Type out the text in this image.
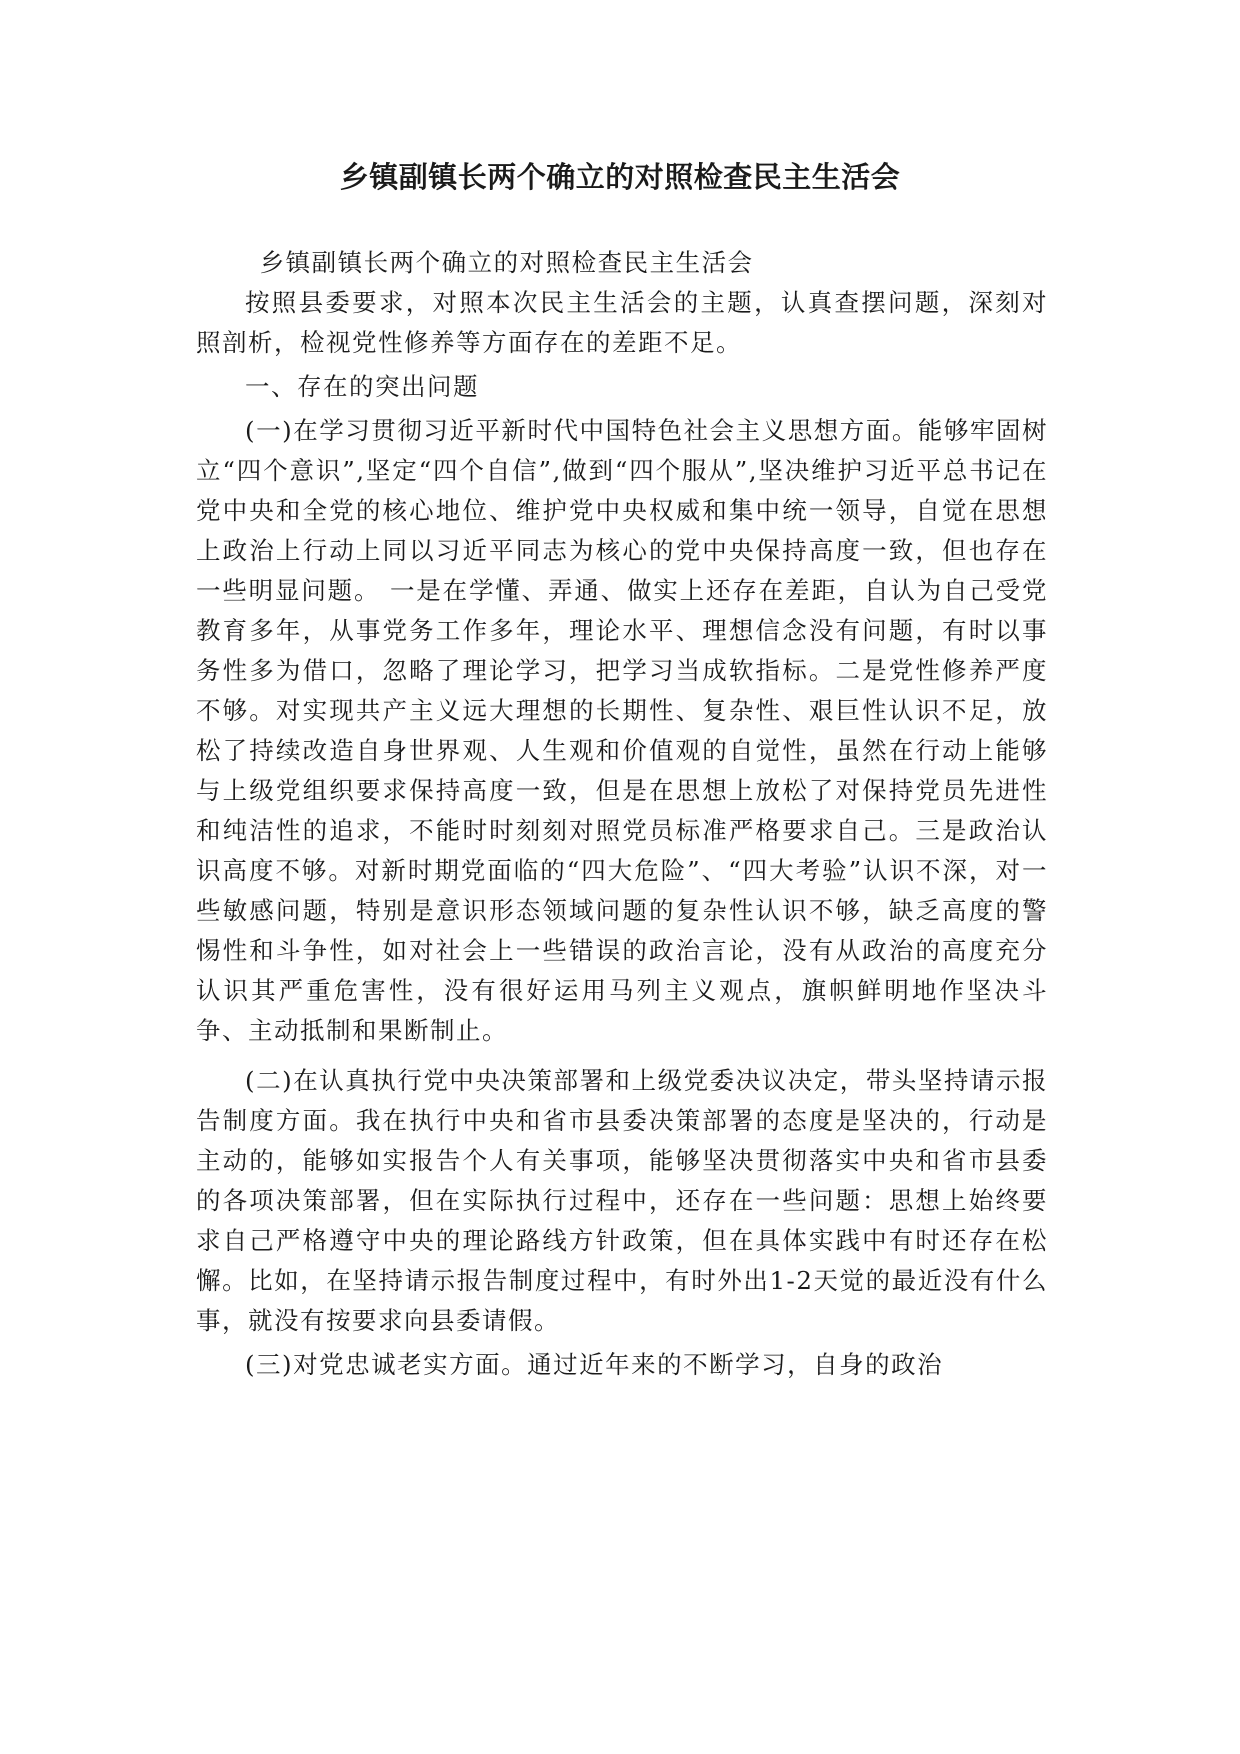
乡镇副镇长两个确立的对照检查民主生活会

乡镇副镇长两个确立的对照检查民主生活会

按照县委要求，对照本次民主生活会的主题，认真查摆问题，深刻对照剖析，检视党性修养等方面存在的差距不足。

一、存在的突出问题

(一)在学习贯彻习近平新时代中国特色社会主义思想方面。能够牢固树立“四个意识”,坚定“四个自信”,做到“四个服从”,坚决维护习近平总书记在党中央和全党的核心地位、维护党中央权威和集中统一领导，自觉在思想上政治上行动上同以习近平同志为核心的党中央保持高度一致，但也存在一些明显问题。 一是在学懂、弄通、做实上还存在差距，自认为自己受党教育多年，从事党务工作多年，理论水平、理想信念没有问题，有时以事务性多为借口，忽略了理论学习，把学习当成软指标。二是党性修养严度不够。对实现共产主义远大理想的长期性、复杂性、艰巨性认识不足，放松了持续改造自身世界观、人生观和价值观的自觉性，虽然在行动上能够与上级党组织要求保持高度一致，但是在思想上放松了对保持党员先进性和纯洁性的追求，不能时时刻刻对照党员标准严格要求自己。三是政治认识高度不够。对新时期党面临的“四大危险”、“四大考验”认识不深，对一些敏感问题，特别是意识形态领域问题的复杂性认识不够，缺乏高度的警惕性和斗争性，如对社会上一些错误的政治言论，没有从政治的高度充分认识其严重危害性，没有很好运用马列主义观点，旗帜鲜明地作坚决斗争、主动抵制和果断制止。

(二)在认真执行党中央决策部署和上级党委决议决定，带头坚持请示报告制度方面。我在执行中央和省市县委决策部署的态度是坚决的，行动是主动的，能够如实报告个人有关事项，能够坚决贯彻落实中央和省市县委的各项决策部署，但在实际执行过程中，还存在一些问题：思想上始终要求自己严格遵守中央的理论路线方针政策，但在具体实践中有时还存在松懈。比如，在坚持请示报告制度过程中，有时外出1-2天觉的最近没有什么事，就没有按要求向县委请假。

(三)对党忠诚老实方面。通过近年来的不断学习，自身的政治
